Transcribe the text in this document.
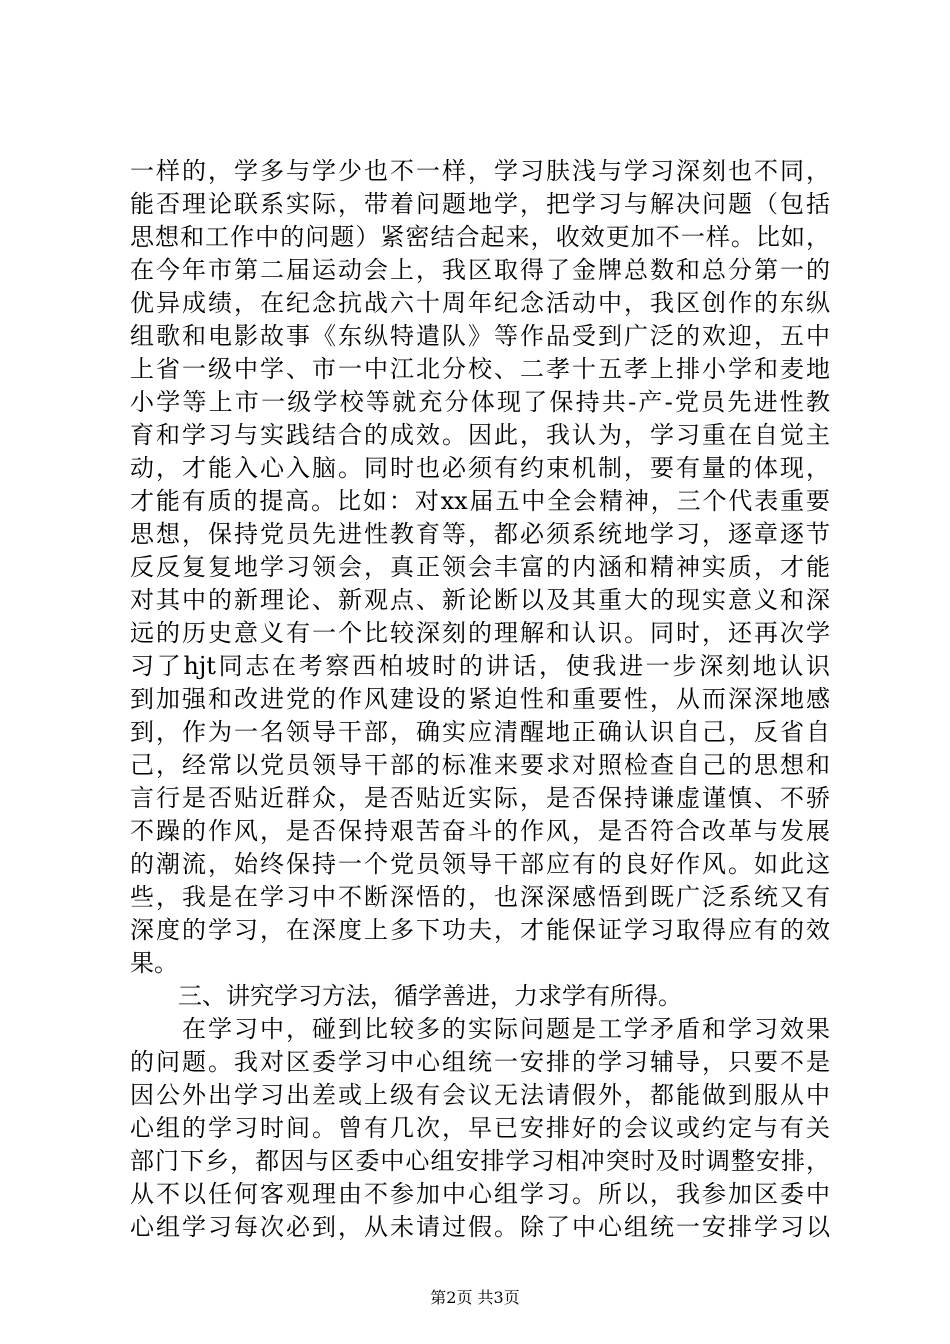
一样的，学多与学少也不一样，学习肤浅与学习深刻也不同，
能否理论联系实际，带着问题地学，把学习与解决问题（包括
思想和工作中的问题）紧密结合起来，收效更加不一样。比如，
在今年市第二届运动会上，我区取得了金牌总数和总分第一的
优异成绩，在纪念抗战六十周年纪念活动中，我区创作的东纵
组歌和电影故事《东纵特遣队》等作品受到广泛的欢迎，五中
上省一级中学、市一中江北分校、二孝十五孝上排小学和麦地
小学等上市一级学校等就充分体现了保持共-产-党员先进性教
育和学习与实践结合的成效。因此，我认为，学习重在自觉主
动，才能入心入脑。同时也必须有约束机制，要有量的体现，
才能有质的提高。比如：对xx届五中全会精神，三个代表重要
思想，保持党员先进性教育等，都必须系统地学习，逐章逐节
反反复复地学习领会，真正领会丰富的内涵和精神实质，才能
对其中的新理论、新观点、新论断以及其重大的现实意义和深
远的历史意义有一个比较深刻的理解和认识。同时，还再次学
习了hjt同志在考察西柏坡时的讲话，使我进一步深刻地认识
到加强和改进党的作风建设的紧迫性和重要性，从而深深地感
到，作为一名领导干部，确实应清醒地正确认识自己，反省自
己，经常以党员领导干部的标准来要求对照检查自己的思想和
言行是否贴近群众，是否贴近实际，是否保持谦虚谨慎、不骄
不躁的作风，是否保持艰苦奋斗的作风，是否符合改革与发展
的潮流，始终保持一个党员领导干部应有的良好作风。如此这
些，我是在学习中不断深悟的，也深深感悟到既广泛系统又有
深度的学习，在深度上多下功夫，才能保证学习取得应有的效
果。
　　三、讲究学习方法，循学善进，力求学有所得。
　　在学习中，碰到比较多的实际问题是工学矛盾和学习效果
的问题。我对区委学习中心组统一安排的学习辅导，只要不是
因公外出学习出差或上级有会议无法请假外，都能做到服从中
心组的学习时间。曾有几次，早已安排好的会议或约定与有关
部门下乡，都因与区委中心组安排学习相冲突时及时调整安排，
从不以任何客观理由不参加中心组学习。所以，我参加区委中
心组学习每次必到，从未请过假。除了中心组统一安排学习以
第2页 共3页
